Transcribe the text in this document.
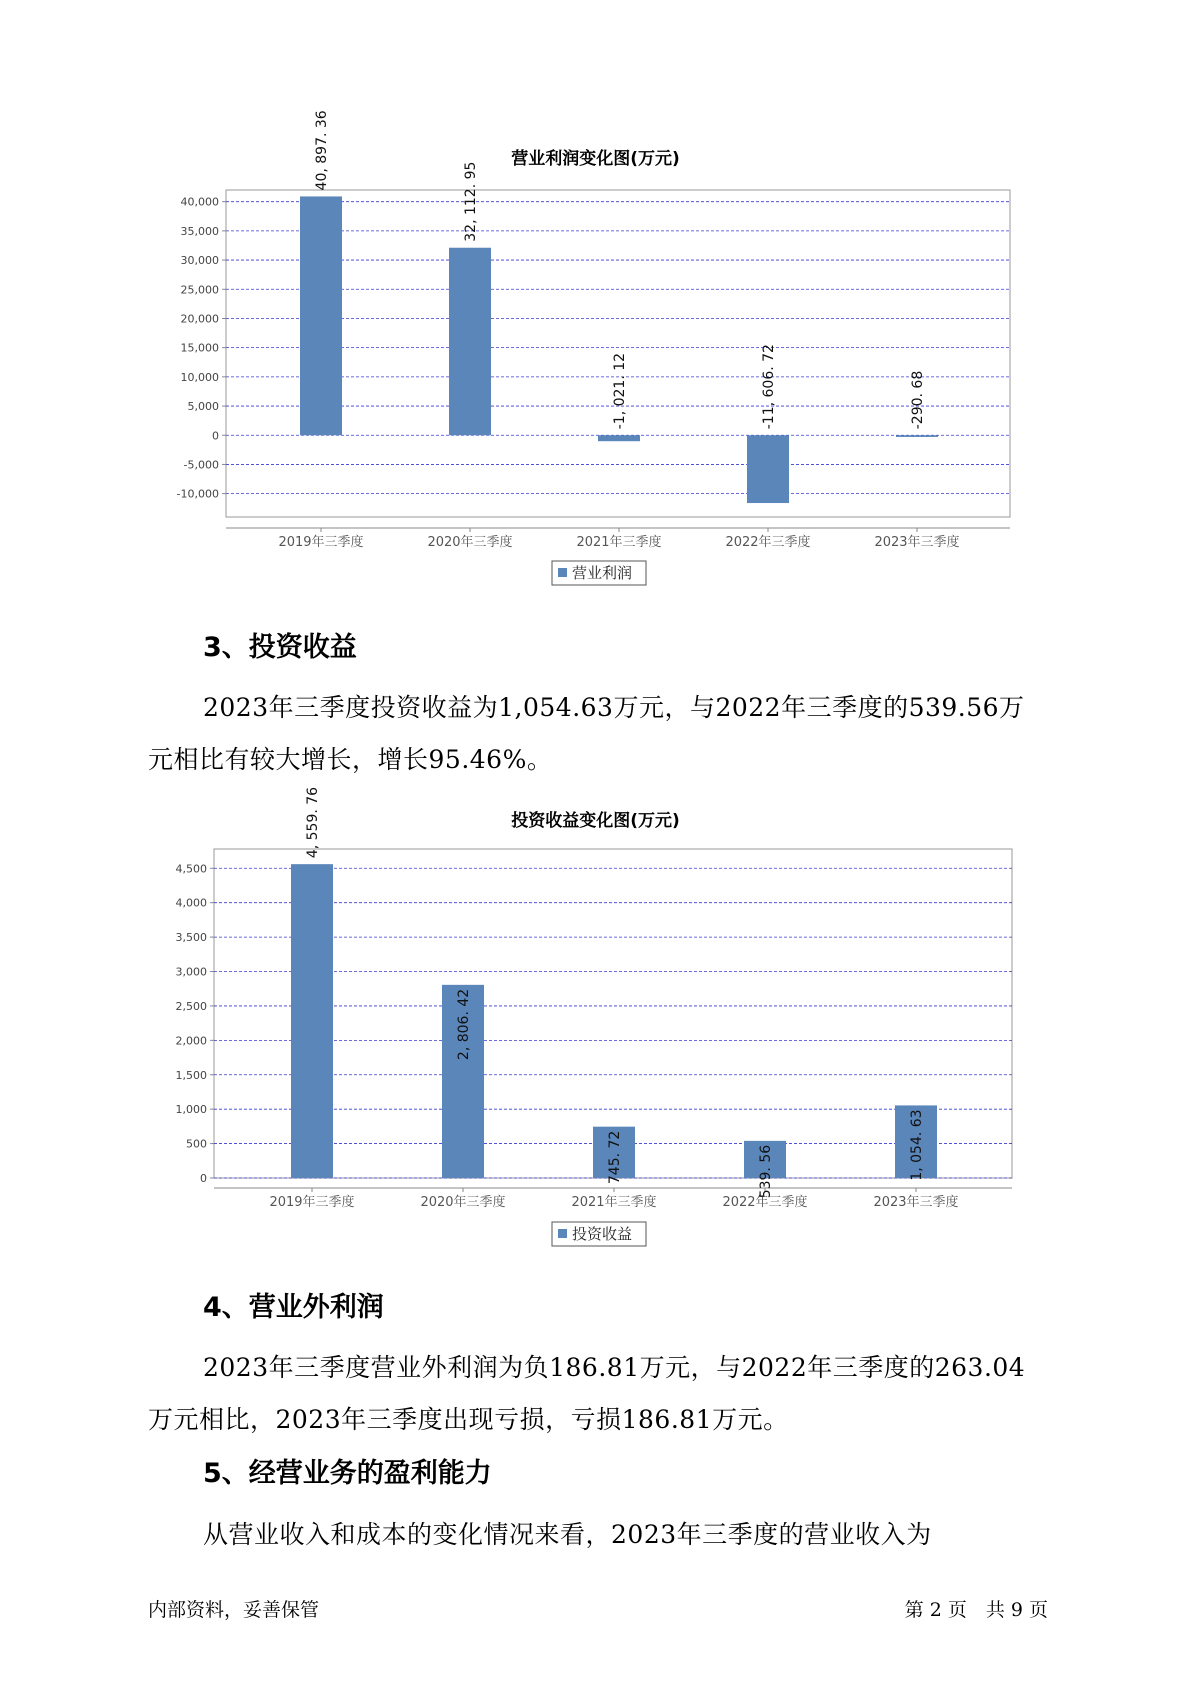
营业利润变化图(万元)
-10,000
-5,000
0
5,000
10,000
15,000
20,000
25,000
30,000
35,000
40,000
2019年三季度
40, 897. 36
2020年三季度
32, 112. 95
2021年三季度
-1, 021. 12
2022年三季度
-11, 606. 72
2023年三季度
-290. 68
营业利润
3、投资收益
2023年三季度投资收益为1,054.63万元，与2022年三季度的539.56万
元相比有较大增长，增长95.46%。
投资收益变化图(万元)
0
500
1,000
1,500
2,000
2,500
3,000
3,500
4,000
4,500
2019年三季度
4, 559. 76
2020年三季度
2, 806. 42
2021年三季度
745. 72
2022年三季度
539. 56
2023年三季度
1, 054. 63
投资收益
4、营业外利润
2023年三季度营业外利润为负186.81万元，与2022年三季度的263.04
万元相比，2023年三季度出现亏损，亏损186.81万元。
5、经营业务的盈利能力
从营业收入和成本的变化情况来看，2023年三季度的营业收入为
内部资料，妥善保管	第 2 页　共 9 页
